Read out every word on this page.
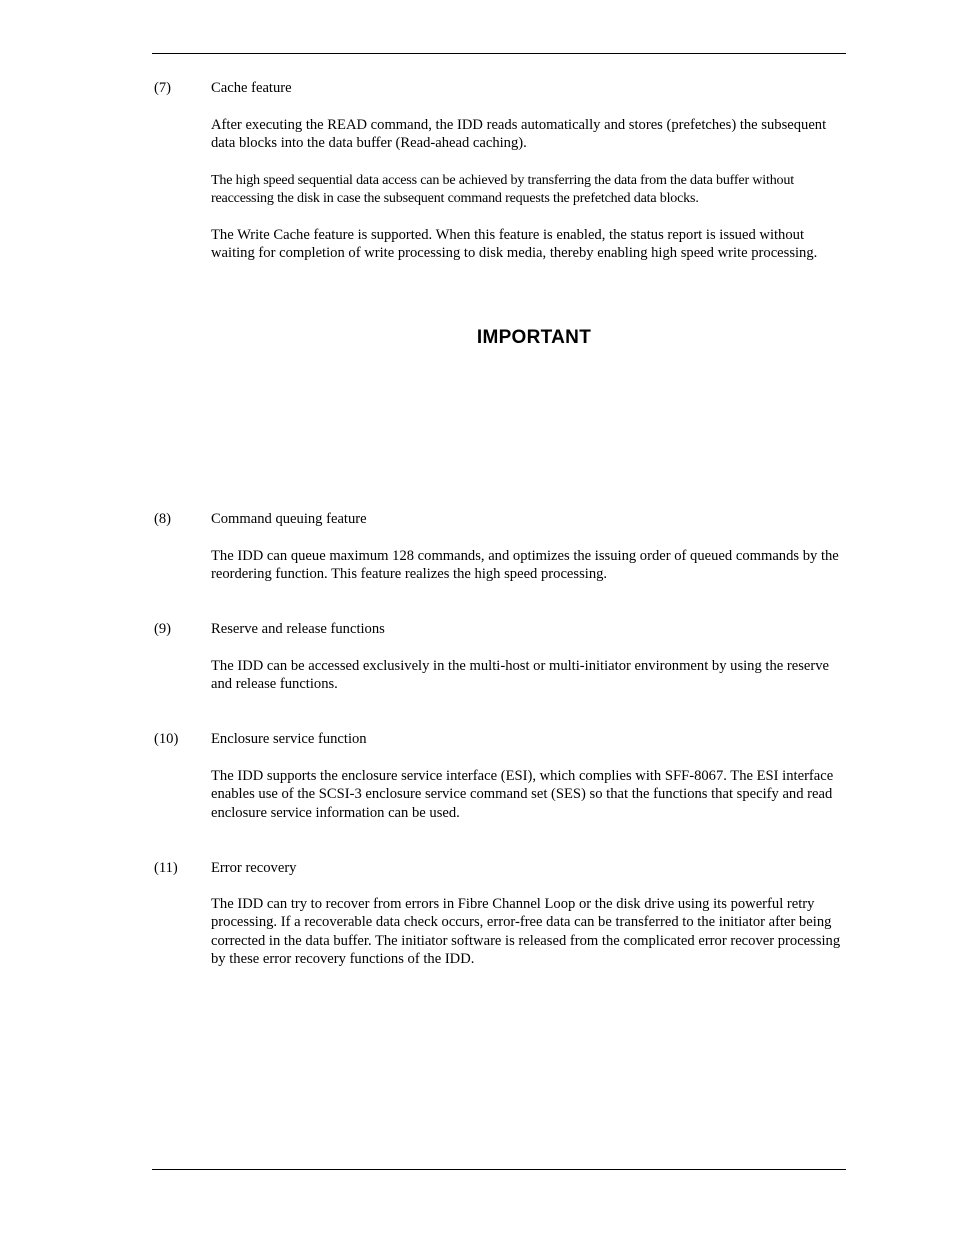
(7)	Cache feature

After executing the READ command, the IDD reads automatically and stores (prefetches) the subsequent data blocks into the data buffer (Read-ahead caching).

The high speed sequential data access can be achieved by transferring the data from the data buffer without reaccessing the disk in case the subsequent command requests the prefetched data blocks.

The Write Cache feature is supported. When this feature is enabled, the status report is issued without waiting for completion of write processing to disk media, thereby enabling high speed write processing.

IMPORTANT
(8)	Command queuing feature

The IDD can queue maximum 128 commands, and optimizes the issuing order of queued commands by the reordering function. This feature realizes the high speed processing.

(9)	Reserve and release functions

The IDD can be accessed exclusively in the multi-host or multi-initiator environment by using the reserve and release functions.

(10) Enclosure service function

The IDD supports the enclosure service interface (ESI), which complies with SFF-8067. The ESI interface enables use of the SCSI-3 enclosure service command set (SES) so that the functions that specify and read enclosure service information can be used.

(11) Error recovery

The IDD can try to recover from errors in Fibre Channel Loop or the disk drive using its powerful retry processing. If a recoverable data check occurs, error-free data can be transferred to the initiator after being corrected in the data buffer. The initiator software is released from the complicated error recover processing by these error recovery functions of the IDD.
